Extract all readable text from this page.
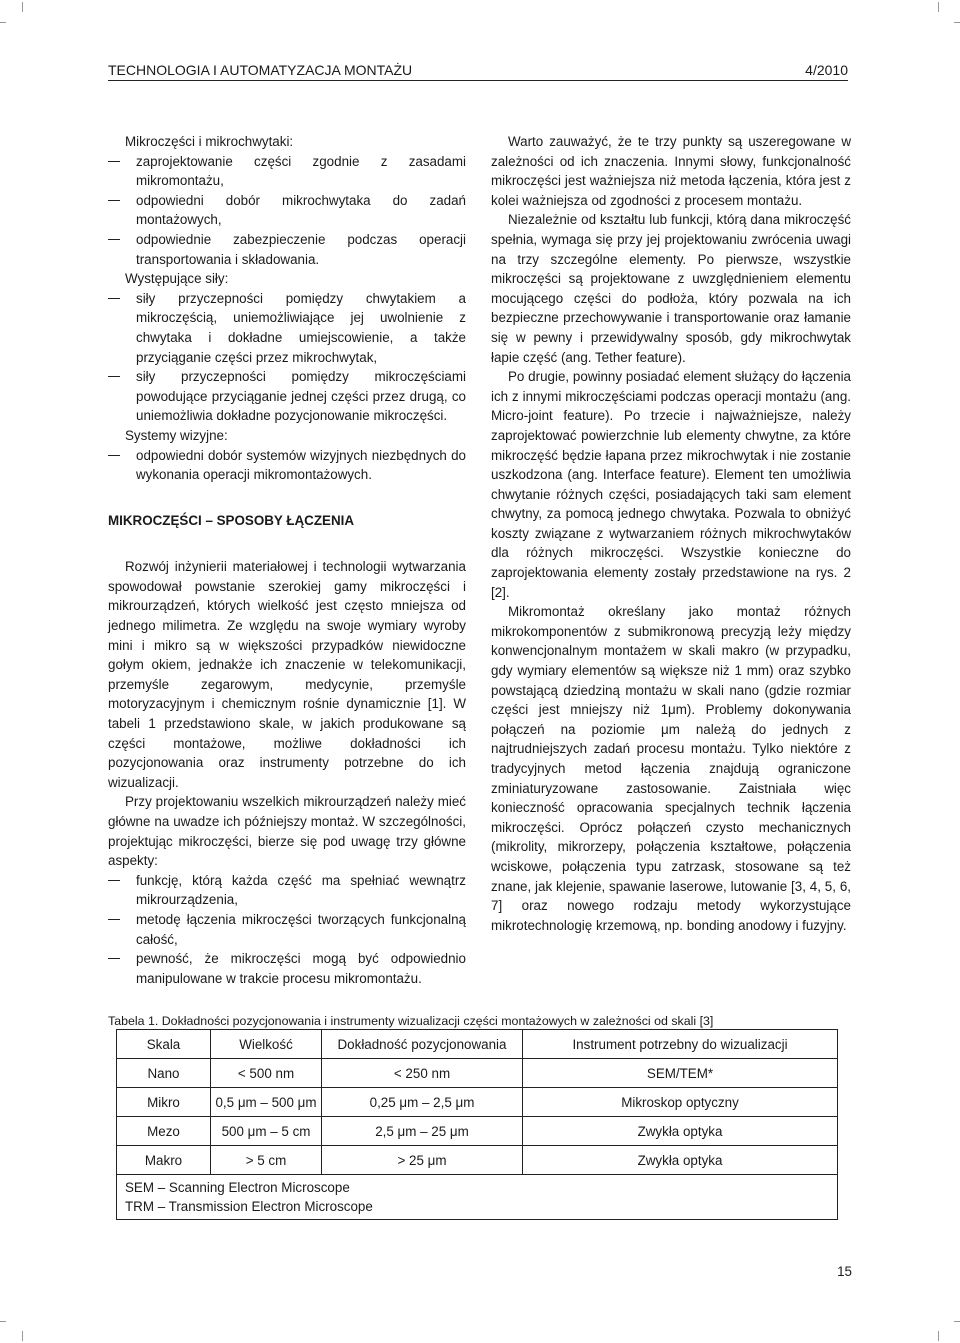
TECHNOLOGIA I AUTOMATYZACJA MONTAŻU	4/2010

Mikroczęści i mikrochwytaki:

zaprojektowanie części zgodnie z zasadami mikromontażu,

odpowiedni dobór mikrochwytaka do zadań montażowych,

odpowiednie zabezpieczenie podczas operacji transportowania i składowania.

Występujące siły:

siły przyczepności pomiędzy chwytakiem a mikroczęścią, uniemożliwiające jej uwolnienie z chwytaka i dokładne umiejscowienie, a także przyciąganie części przez mikrochwytak,

siły przyczepności pomiędzy mikroczęściami powodujące przyciąganie jednej części przez drugą, co uniemożliwia dokładne pozycjonowanie mikroczęści.

Systemy wizyjne:

odpowiedni dobór systemów wizyjnych niezbędnych do wykonania operacji mikromontażowych.

MIKROCZĘŚCI – SPOSOBY ŁĄCZENIA

Rozwój inżynierii materiałowej i technologii wytwarzania spowodował powstanie szerokiej gamy mikroczęści i mikrourządzeń, których wielkość jest często mniejsza od jednego milimetra. Ze względu na swoje wymiary wyroby mini i mikro są w większości przypadków niewidoczne gołym okiem, jednakże ich znaczenie w telekomunikacji, przemyśle zegarowym, medycynie, przemyśle motoryzacyjnym i chemicznym rośnie dynamicznie [1]. W tabeli 1 przedstawiono skale, w jakich produkowane są części montażowe, możliwe dokładności ich pozycjonowania oraz instrumenty potrzebne do ich wizualizacji.

Przy projektowaniu wszelkich mikrourządzeń należy mieć główne na uwadze ich późniejszy montaż. W szczególności, projektując mikroczęści, bierze się pod uwagę trzy główne aspekty:

funkcję, którą każda część ma spełniać wewnątrz mikrourządzenia,

metodę łączenia mikroczęści tworzących funkcjonalną całość,

pewność, że mikroczęści mogą być odpowiednio manipulowane w trakcie procesu mikromontażu.

Warto zauważyć, że te trzy punkty są uszeregowane w zależności od ich znaczenia. Innymi słowy, funkcjonalność mikroczęści jest ważniejsza niż metoda łączenia, która jest z kolei ważniejsza od zgodności z procesem montażu.

Niezależnie od kształtu lub funkcji, którą dana mikroczęść spełnia, wymaga się przy jej projektowaniu zwrócenia uwagi na trzy szczególne elementy. Po pierwsze, wszystkie mikroczęści są projektowane z uwzględnieniem elementu mocującego części do podłoża, który pozwala na ich bezpieczne przechowywanie i transportowanie oraz łamanie się w pewny i przewidywalny sposób, gdy mikrochwytak łapie część (ang. Tether feature).

Po drugie, powinny posiadać element służący do łączenia ich z innymi mikroczęściami podczas operacji montażu (ang. Micro-joint feature). Po trzecie i najważniejsze, należy zaprojektować powierzchnie lub elementy chwytne, za które mikroczęść będzie łapana przez mikrochwytak i nie zostanie uszkodzona (ang. Interface feature). Element ten umożliwia chwytanie różnych części, posiadających taki sam element chwytny, za pomocą jednego chwytaka. Pozwala to obniżyć koszty związane z wytwarzaniem różnych mikrochwytaków dla różnych mikroczęści. Wszystkie konieczne do zaprojektowania elementy zostały przedstawione na rys. 2 [2].

Mikromontaż określany jako montaż różnych mikrokomponentów z submikronową precyzją leży między konwencjonalnym montażem w skali makro (w przypadku, gdy wymiary elementów są większe niż 1 mm) oraz szybko powstającą dziedziną montażu w skali nano (gdzie rozmiar części jest mniejszy niż 1μm). Problemy dokonywania połączeń na poziomie μm należą do jednych z najtrudniejszych zadań procesu montażu. Tylko niektóre z tradycyjnych metod łączenia znajdują ograniczone zminiaturyzowane zastosowanie. Zaistniała więc konieczność opracowania specjalnych technik łączenia mikroczęści. Oprócz połączeń czysto mechanicznych (mikrolity, mikrorzepy, połączenia kształtowe, połączenia wciskowe, połączenia typu zatrzask, stosowane są też znane, jak klejenie, spawanie laserowe, lutowanie [3, 4, 5, 6, 7] oraz nowego rodzaju metody wykorzystujące mikrotechnologię krzemową, np. bonding anodowy i fuzyjny.

Tabela 1. Dokładności pozycjonowania i instrumenty wizualizacji części montażowych w zależności od skali [3]
Skala	Wielkość	Dokładność pozycjonowania	Instrument potrzebny do wizualizacji
Nano	< 500 nm	< 250 nm	SEM/TEM*
Mikro	0,5 μm – 500 μm	0,25 μm – 2,5 μm	Mikroskop optyczny
Mezo	500 μm – 5 cm	2,5 μm – 25 μm	Zwykła optyka
Makro	> 5 cm	> 25 μm	Zwykła optyka

SEM – Scanning Electron Microscope
TRM – Transmission Electron Microscope			
15
